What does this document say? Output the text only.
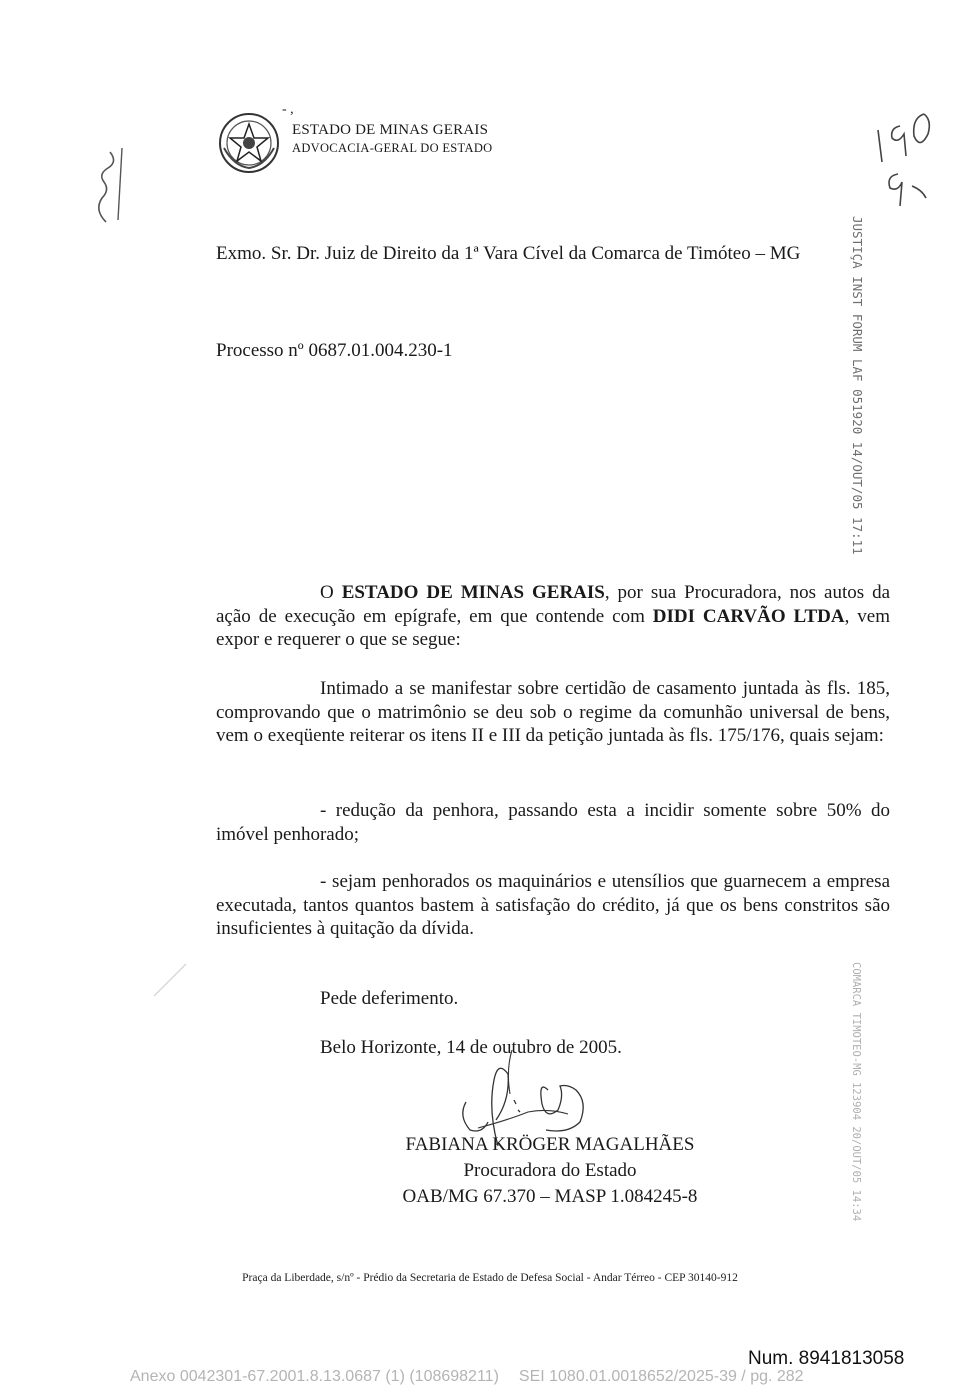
- ,
ESTADO DE MINAS GERAIS
ADVOCACIA-GERAL DO ESTADO
Exmo. Sr. Dr. Juiz de Direito da 1ª Vara Cível da Comarca de Timóteo – MG
Processo nº 0687.01.004.230-1	JUSTIÇA INST FORUM LAF 051920 14/OUT/05 17:11
O ESTADO DE MINAS GERAIS, por sua Procuradora, nos autos da ação de execução em epígrafe, em que contende com DIDI CARVÃO LTDA, vem expor e requerer o que se segue:
Intimado a se manifestar sobre certidão de casamento juntada às fls. 185, comprovando que o matrimônio se deu sob o regime da comunhão universal de bens, vem o exeqüente reiterar os itens II e III da petição juntada às fls. 175/176, quais sejam:
- redução da penhora, passando esta a incidir somente sobre 50% do imóvel penhorado;
- sejam penhorados os maquinários e utensílios que guarnecem a empresa executada, tantos quantos bastem à satisfação do crédito, já que os bens constritos são insuficientes à quitação da dívida.
Pede deferimento.
Belo Horizonte, 14 de outubro de 2005.
FABIANA KRÖGER MAGALHÃES
Procuradora do Estado
OAB/MG 67.370 – MASP 1.084245-8	COMARCA TIMOTEO-MG 123904 20/OUT/05 14:34
Praça da Liberdade, s/nº - Prédio da Secretaria de Estado de Defesa Social - Andar Térreo - CEP 30140-912
Num. 8941813058
Anexo 0042301-67.2001.8.13.0687 (1) (108698211) SEI 1080.01.0018652/2025-39 / pg. 282
